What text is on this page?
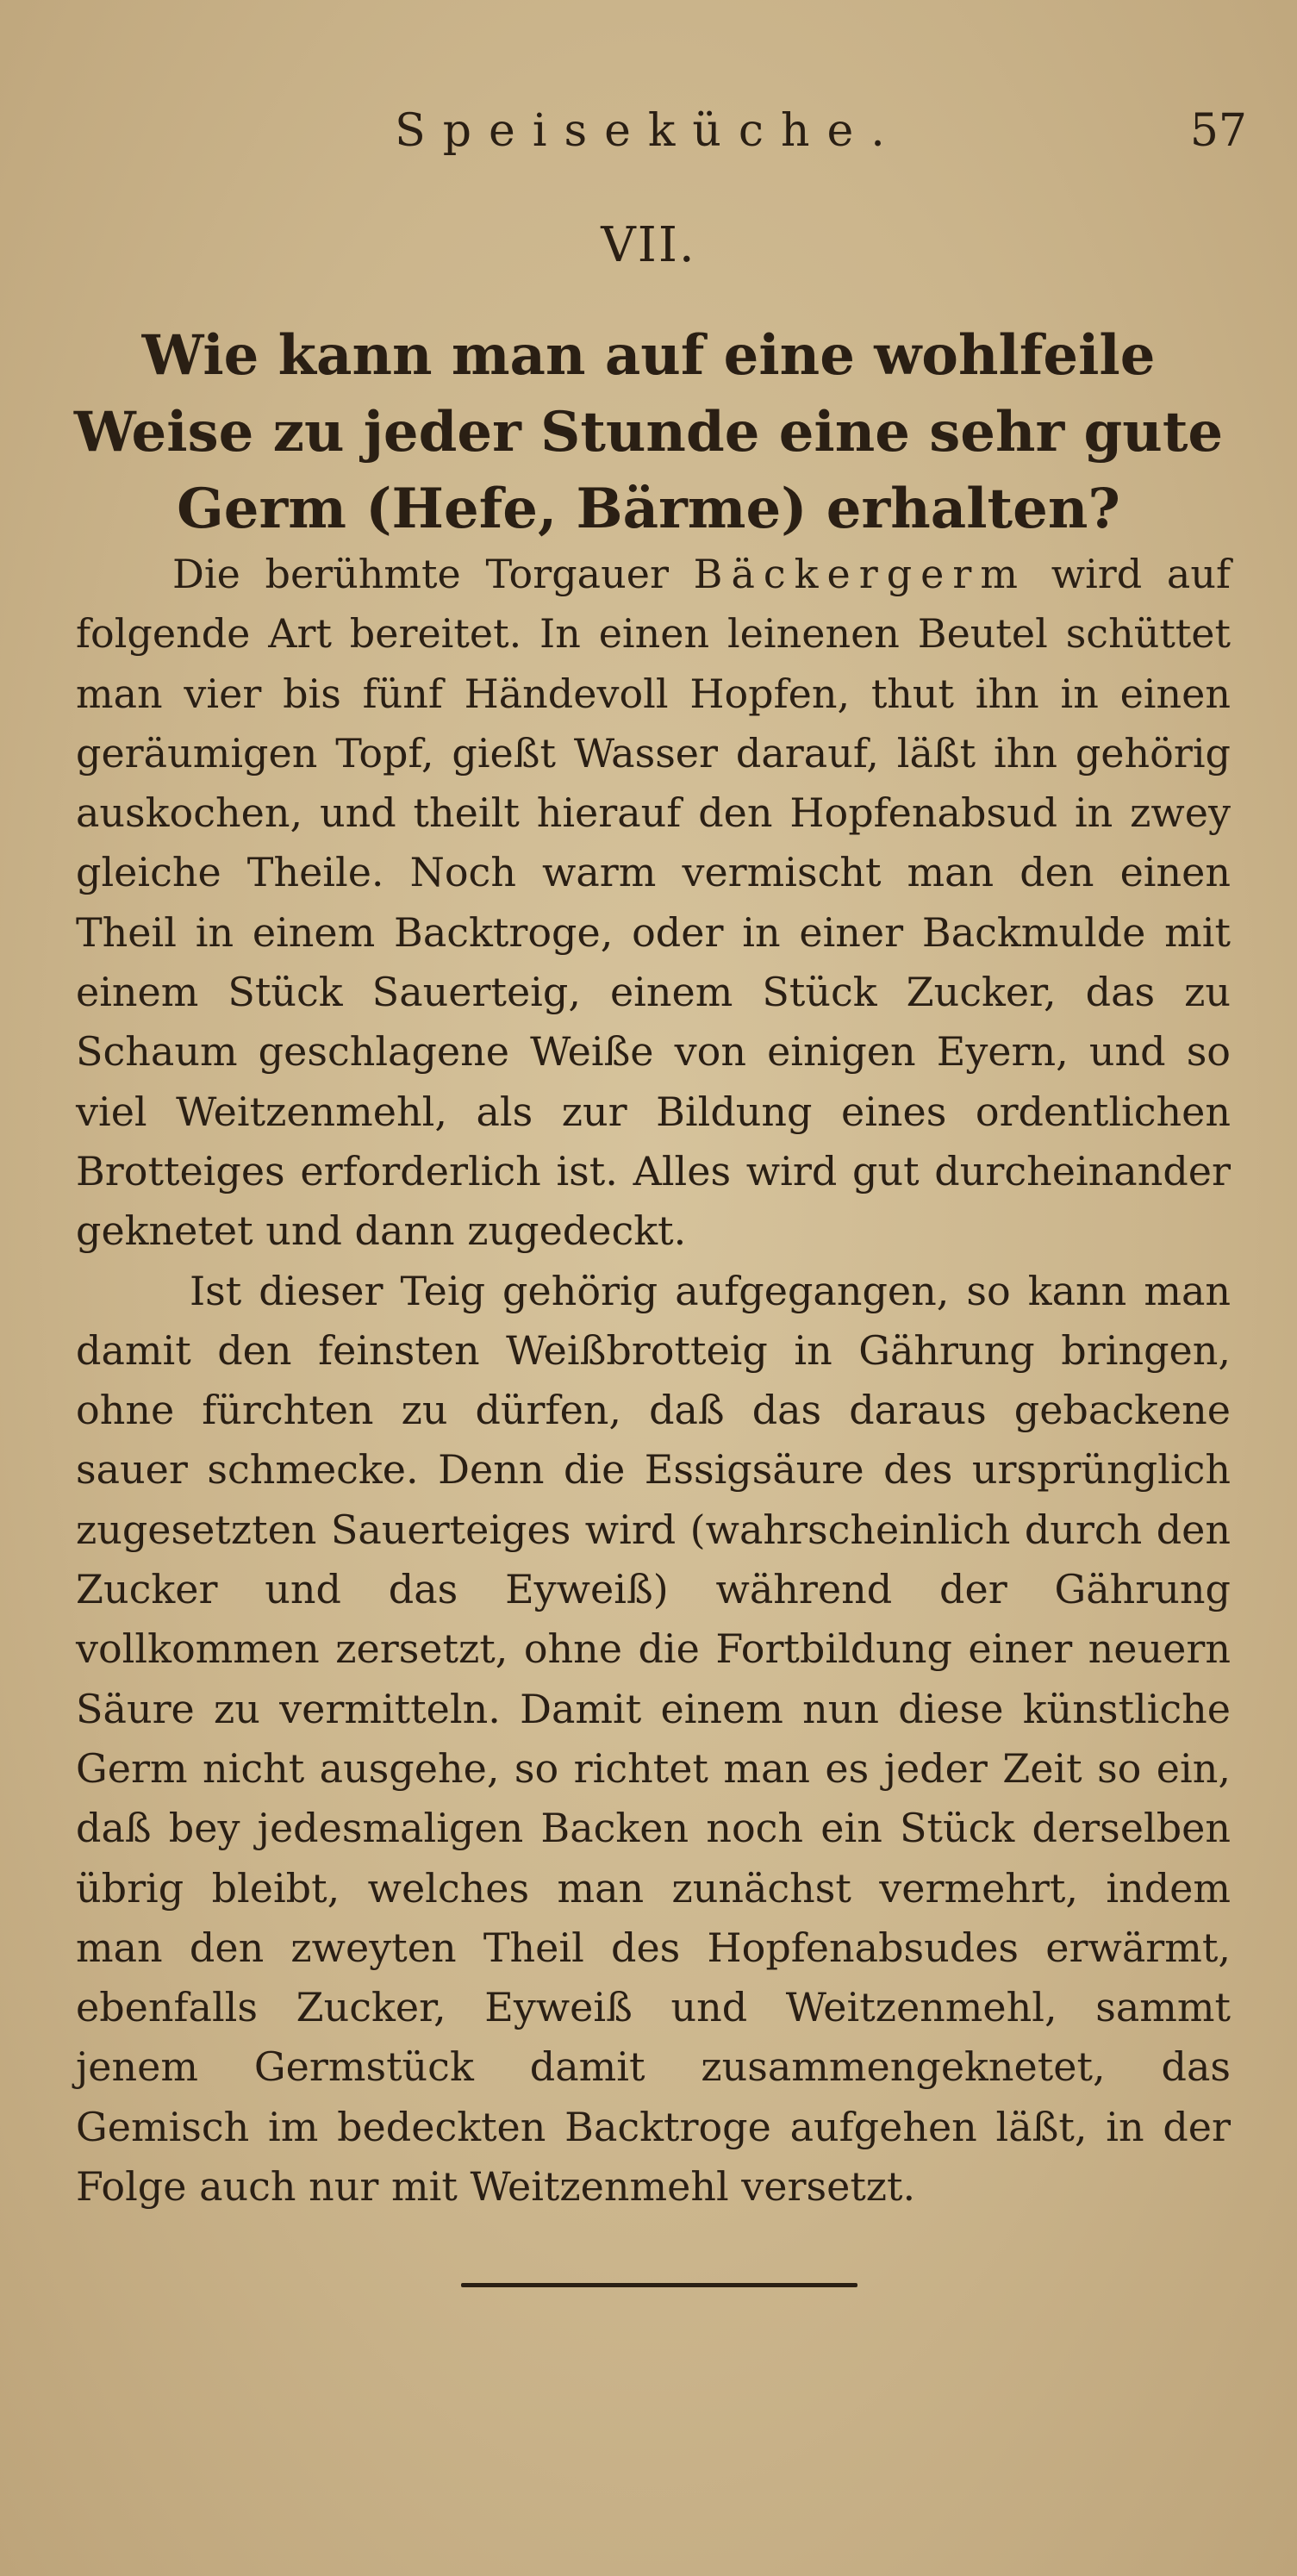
Speiseküche.	57
VII.
Wie kann man auf eine wohlfeile Weise zu jeder Stunde eine sehr gute Germ (Hefe, Bärme) erhalten?

Die berühmte Torgauer Bäckergerm wird auf folgende Art bereitet. In einen leinenen Beutel schüttet man vier bis fünf Händevoll Hopfen, thut ihn in einen geräumigen Topf, gießt Wasser darauf, läßt ihn gehörig auskochen, und theilt hierauf den Hopfenabsud in zwey gleiche Theile. Noch warm vermischt man den einen Theil in einem Backtroge, oder in einer Backmulde mit einem Stück Sauerteig, einem Stück Zucker, das zu Schaum geschlagene Weiße von einigen Eyern, und so viel Weitzenmehl, als zur Bildung eines ordentlichen Brotteiges erforderlich ist. Alles wird gut durcheinander geknetet und dann zugedeckt.

Ist dieser Teig gehörig aufgegangen, so kann man damit den feinsten Weißbrotteig in Gährung bringen, ohne fürchten zu dürfen, daß das daraus gebackene sauer schmecke. Denn die Essigsäure des ursprünglich zugesetzten Sauerteiges wird (wahrscheinlich durch den Zucker und das Eyweiß) während der Gährung vollkommen zersetzt, ohne die Fortbildung einer neuern Säure zu vermitteln. Damit einem nun diese künstliche Germ nicht ausgehe, so richtet man es jeder Zeit so ein, daß bey jedesmaligen Backen noch ein Stück derselben übrig bleibt, welches man zunächst vermehrt, indem man den zweyten Theil des Hopfenabsudes erwärmt, ebenfalls Zucker, Eyweiß und Weitzenmehl, sammt jenem Germstück damit zusammengeknetet, das Gemisch im bedeckten Backtroge aufgehen läßt, in der Folge auch nur mit Weitzenmehl versetzt.
